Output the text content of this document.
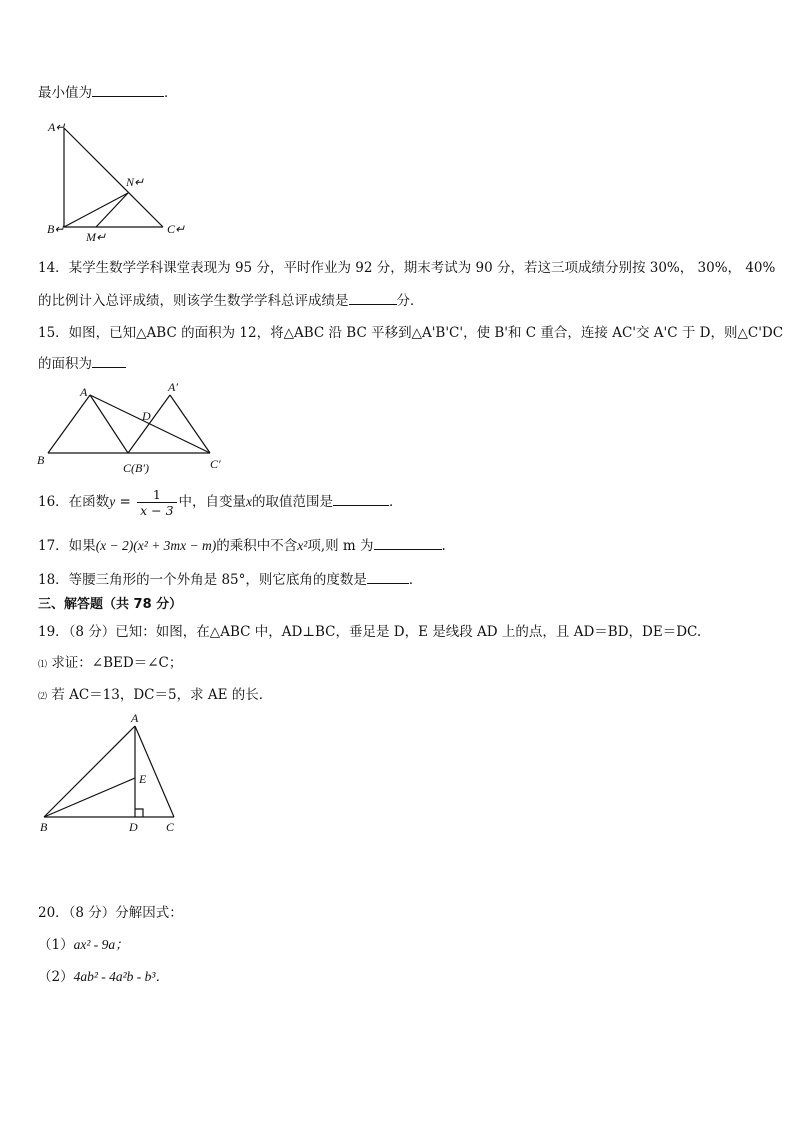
最小值为	．
A↵
N↵
B↵
M↵
C↵
14．某学生数学学科课堂表现为 95 分，平时作业为 92 分，期末考试为 90 分，若这三项成绩分别按 30%， 30%， 40%
的比例计入总评成绩，则该学生数学学科总评成绩是	分．
15．如图，已知△ABC 的面积为 12，将△ABC 沿 BC 平移到△A'B'C'，使 B'和 C 重合，连接 AC'交 A'C 于 D，则△C'DC
的面积为
A	A′
D
B
C(B′)	C′
16．在函数$y = \frac{1}{x - 3}$ 中，自变量x的取值范围是	．
17．如果(x − 2)(x² + 3mx − m)的乘积中不含x²项,则 m 为	.
18．等腰三角形的一个外角是 85°，则它底角的度数是	．
三、解答题（共 78 分）
19．（8 分）已知：如图，在△ABC 中，AD⊥BC，垂足是 D，E 是线段 AD 上的点，且 AD＝BD，DE＝DC.
⑴ 求证：∠BED＝∠C；
⑵ 若 AC＝13，DC＝5，求 AE 的长．
A
E
B	D C
20．（8 分）分解因式：
（1）ax² - 9a；
（2）4ab² - 4a²b - b³．
